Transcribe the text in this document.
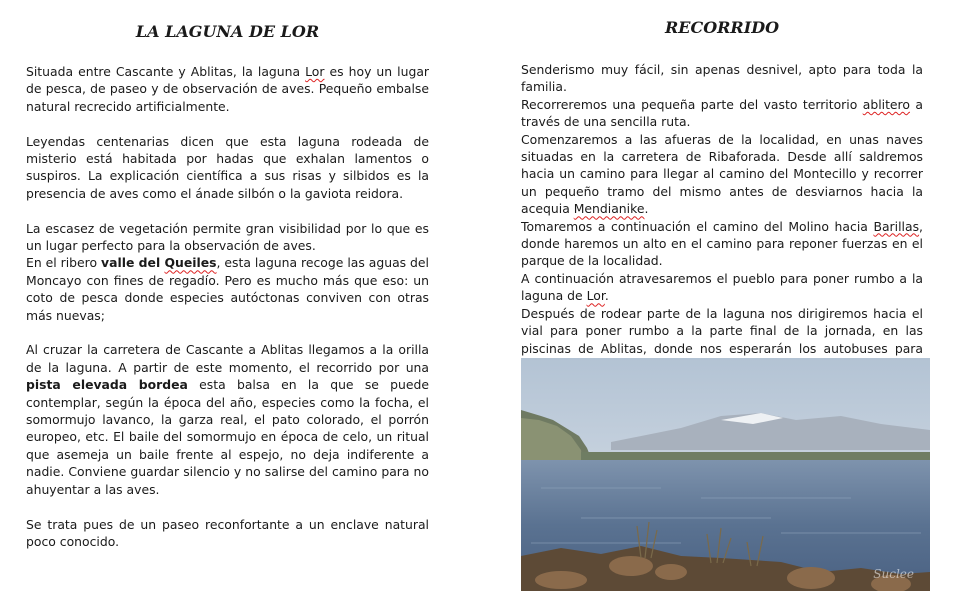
LA LAGUNA DE LOR

Situada entre Cascante y Ablitas, la laguna Lor es hoy un lugar de pesca, de paseo y de observación de aves. Pequeño embalse natural recrecido artificialmente.

Leyendas centenarias dicen que esta laguna rodeada de misterio está habitada por hadas que exhalan lamentos o suspiros. La explicación científica a sus risas y silbidos es la presencia de aves como el ánade silbón o la gaviota reidora.

La escasez de vegetación permite gran visibilidad por lo que es un lugar perfecto para la observación de aves.

En el ribero valle del Queiles, esta laguna recoge las aguas del Moncayo con fines de regadío. Pero es mucho más que eso: un coto de pesca donde especies autóctonas conviven con otras más nuevas;

Al cruzar la carretera de Cascante a Ablitas llegamos a la orilla de la laguna. A partir de este momento, el recorrido por una pista elevada bordea esta balsa en la que se puede contemplar, según la época del año, especies como la focha, el somormujo lavanco, la garza real, el pato colorado, el porrón europeo, etc. El baile del somormujo en época de celo, un ritual que asemeja un baile frente al espejo, no deja indiferente a nadie. Conviene guardar silencio y no salirse del camino para no ahuyentar a las aves.

Se trata pues de un paseo reconfortante a un enclave natural poco conocido.

RECORRIDO

Senderismo muy fácil, sin apenas desnivel, apto para toda la familia.

Recorreremos una pequeña parte del vasto territorio ablitero a través de una sencilla ruta.

Comenzaremos a las afueras de la localidad, en unas naves situadas en la carretera de Ribaforada. Desde allí saldremos hacia un camino para llegar al camino del Montecillo y recorrer un pequeño tramo del mismo antes de desviarnos hacia la acequia Mendianike.

Tomaremos a continuación el camino del Molino hacia Barillas, donde haremos un alto en el camino para reponer fuerzas en el parque de la localidad.

A continuación atravesaremos el pueblo para poner rumbo a la laguna de Lor.

Después de rodear parte de la laguna nos dirigiremos hacia el vial para poner rumbo a la parte final de la jornada, en las piscinas de Ablitas, donde nos esperarán los autobuses para

Suclee
